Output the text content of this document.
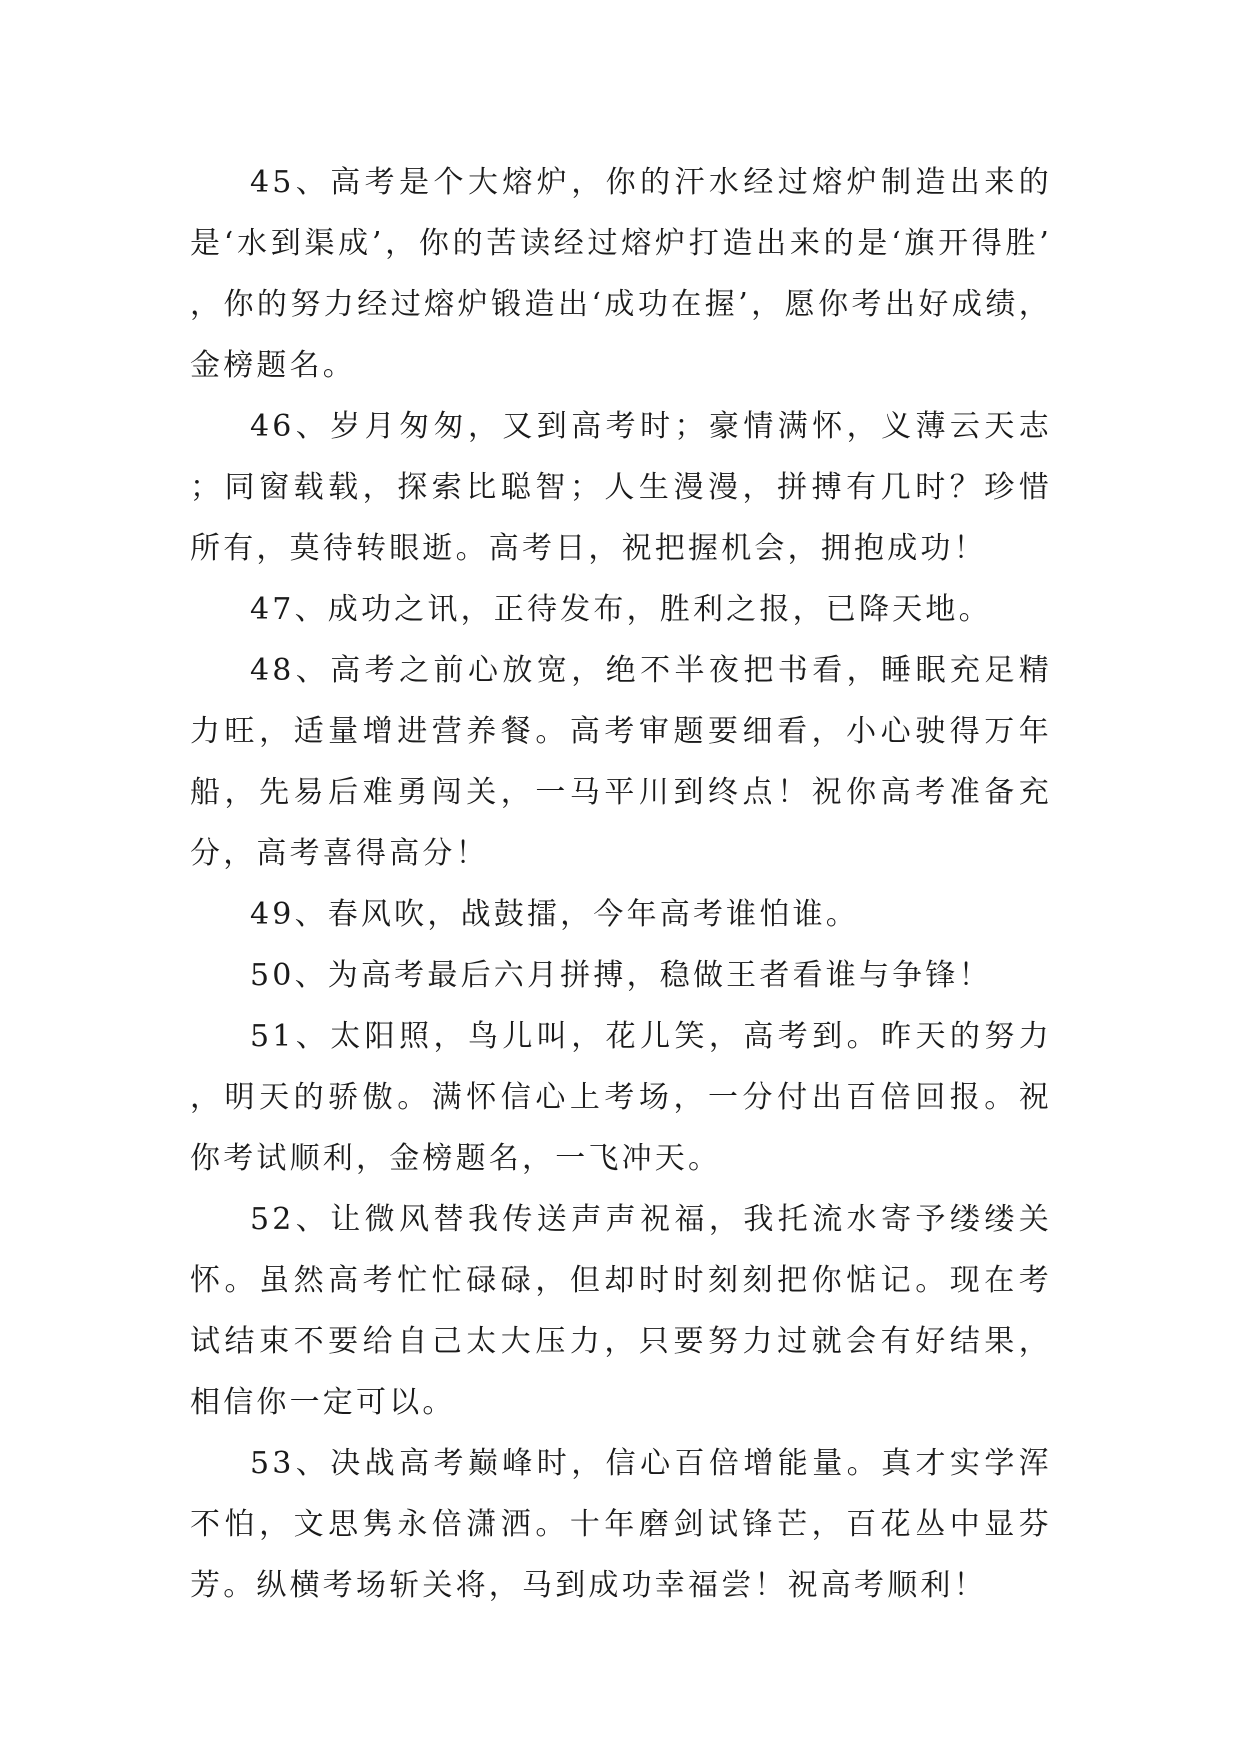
45、高考是个大熔炉，你的汗水经过熔炉制造出来的是‘水到渠成’，你的苦读经过熔炉打造出来的是‘旗开得胜’，你的努力经过熔炉锻造出‘成功在握’，愿你考出好成绩，金榜题名。

46、岁月匆匆，又到高考时；豪情满怀，义薄云天志；同窗载载，探索比聪智；人生漫漫，拼搏有几时？珍惜所有，莫待转眼逝。高考日，祝把握机会，拥抱成功！

47、成功之讯，正待发布，胜利之报，已降天地。

48、高考之前心放宽，绝不半夜把书看，睡眠充足精力旺，适量增进营养餐。高考审题要细看，小心驶得万年船，先易后难勇闯关，一马平川到终点！祝你高考准备充分，高考喜得高分！

49、春风吹，战鼓擂，今年高考谁怕谁。

50、为高考最后六月拼搏，稳做王者看谁与争锋！

51、太阳照，鸟儿叫，花儿笑，高考到。昨天的努力，明天的骄傲。满怀信心上考场，一分付出百倍回报。祝你考试顺利，金榜题名，一飞冲天。

52、让微风替我传送声声祝福，我托流水寄予缕缕关怀。虽然高考忙忙碌碌，但却时时刻刻把你惦记。现在考试结束不要给自己太大压力，只要努力过就会有好结果，相信你一定可以。

53、决战高考巅峰时，信心百倍增能量。真才实学浑不怕，文思隽永倍潇洒。十年磨剑试锋芒，百花丛中显芬芳。纵横考场斩关将，马到成功幸福尝！祝高考顺利！
